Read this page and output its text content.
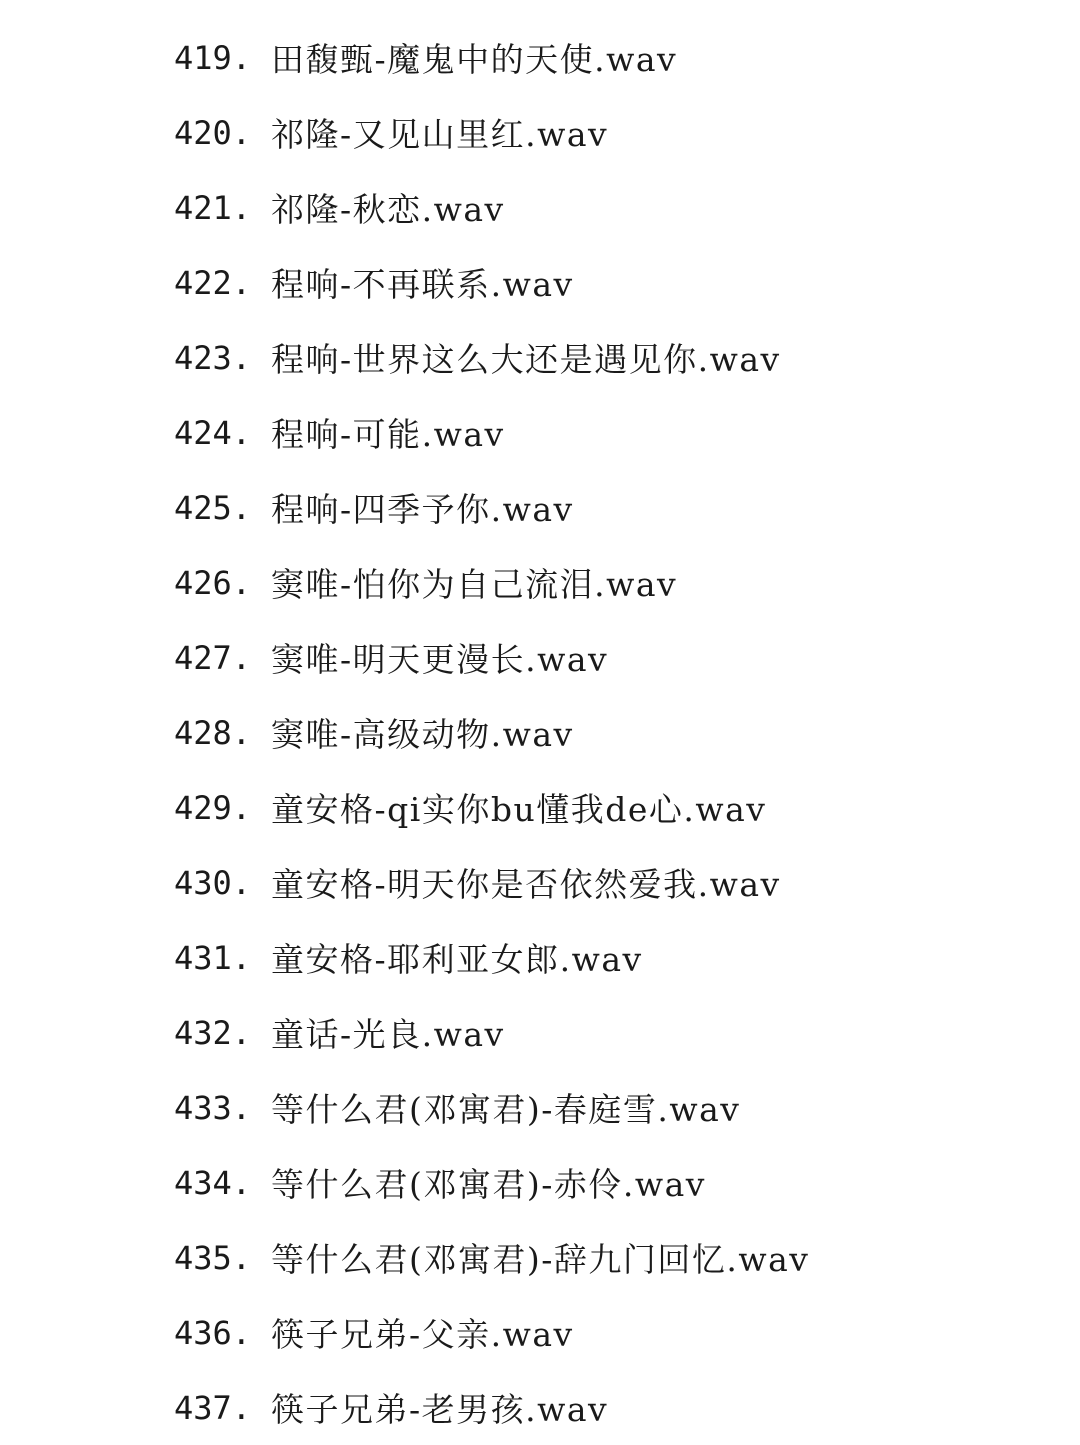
419. 田馥甄-魔鬼中的天使.wav
420. 祁隆-又见山里红.wav
421. 祁隆-秋恋.wav
422. 程响-不再联系.wav
423. 程响-世界这么大还是遇见你.wav
424. 程响-可能.wav
425. 程响-四季予你.wav
426. 窦唯-怕你为自己流泪.wav
427. 窦唯-明天更漫长.wav
428. 窦唯-高级动物.wav
429. 童安格-qi实你bu懂我de心.wav
430. 童安格-明天你是否依然爱我.wav
431. 童安格-耶利亚女郎.wav
432. 童话-光良.wav
433. 等什么君(邓寓君)-春庭雪.wav
434. 等什么君(邓寓君)-赤伶.wav
435. 等什么君(邓寓君)-辞九门回忆.wav
436. 筷子兄弟-父亲.wav
437. 筷子兄弟-老男孩.wav
